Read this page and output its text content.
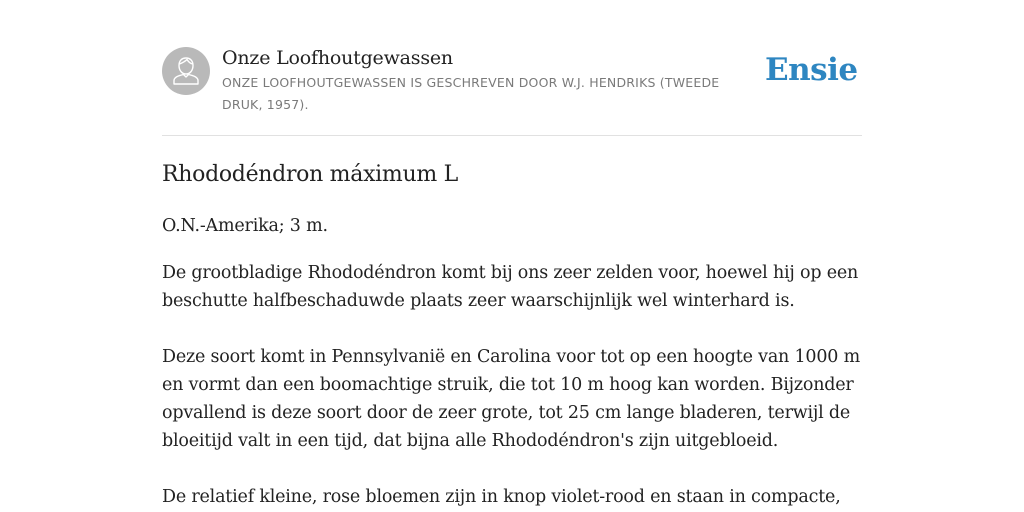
Onze Loofhoutgewassen
ONZE LOOFHOUTGEWASSEN IS GESCHREVEN DOOR W.J. HENDRIKS (TWEEDE DRUK, 1957).
Ensie
Rhododéndron máximum L

O.N.-Amerika; 3 m.

De grootbladige Rhododéndron komt bij ons zeer zelden voor, hoewel hij op een beschutte halfbeschaduwde plaats zeer waarschijnlijk wel winterhard is.

Deze soort komt in Pennsylvanië en Carolina voor tot op een hoogte van 1000 m en vormt dan een boomachtige struik, die tot 10 m hoog kan worden. Bijzonder opvallend is deze soort door de zeer grote, tot 25 cm lange bladeren, terwijl de bloeitijd valt in een tijd, dat bijna alle Rhododéndron's zijn uitgebloeid.

De relatief kleine, rose bloemen zijn in knop violet-rood en staan in compacte,
